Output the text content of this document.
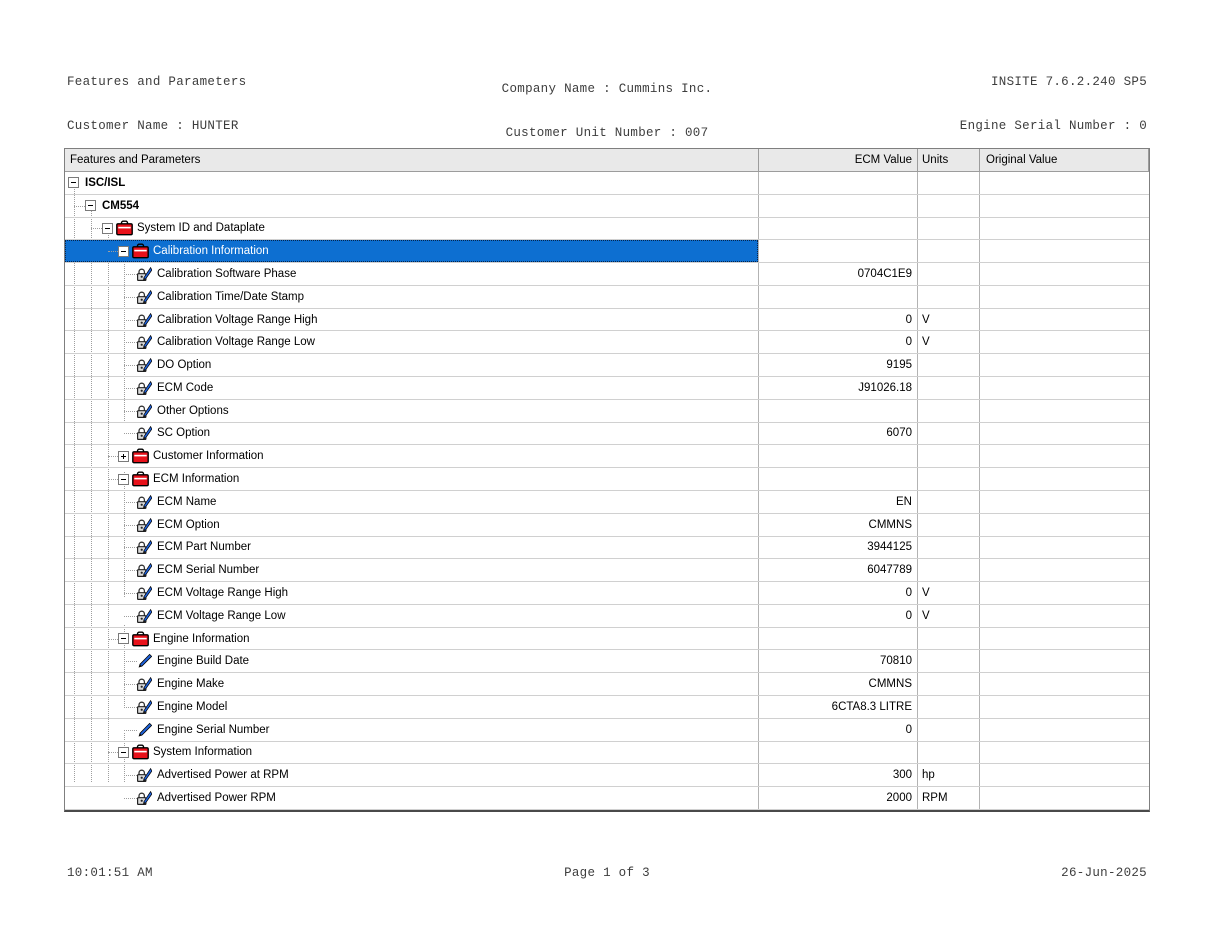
Features and Parameters

Customer Name : HUNTER

Company Name : Cummins Inc.

Customer Unit Number : 007

INSITE 7.6.2.240 SP5

Engine Serial Number : 0

Features and Parameters	ECM Value Units	Original Value
ISC/ISL
CM554
System ID and Dataplate
Calibration Information
Calibration Software Phase	0704C1E9
Calibration Time/Date Stamp
Calibration Voltage Range High	0 V
Calibration Voltage Range Low	0 V
DO Option	9195
ECM Code	J91026.18
Other Options
SC Option	6070
Customer Information
ECM Information
ECM Name	EN
ECM Option	CMMNS
ECM Part Number	3944125
ECM Serial Number	6047789
ECM Voltage Range High	0 V
ECM Voltage Range Low	0 V
Engine Information
Engine Build Date	70810
Engine Make	CMMNS
Engine Model	6CTA8.3 LITRE
Engine Serial Number	0
System Information
Advertised Power at RPM	300 hp
Advertised Power RPM	2000 RPM
10:01:51 AM	Page 1 of 3	26-Jun-2025
